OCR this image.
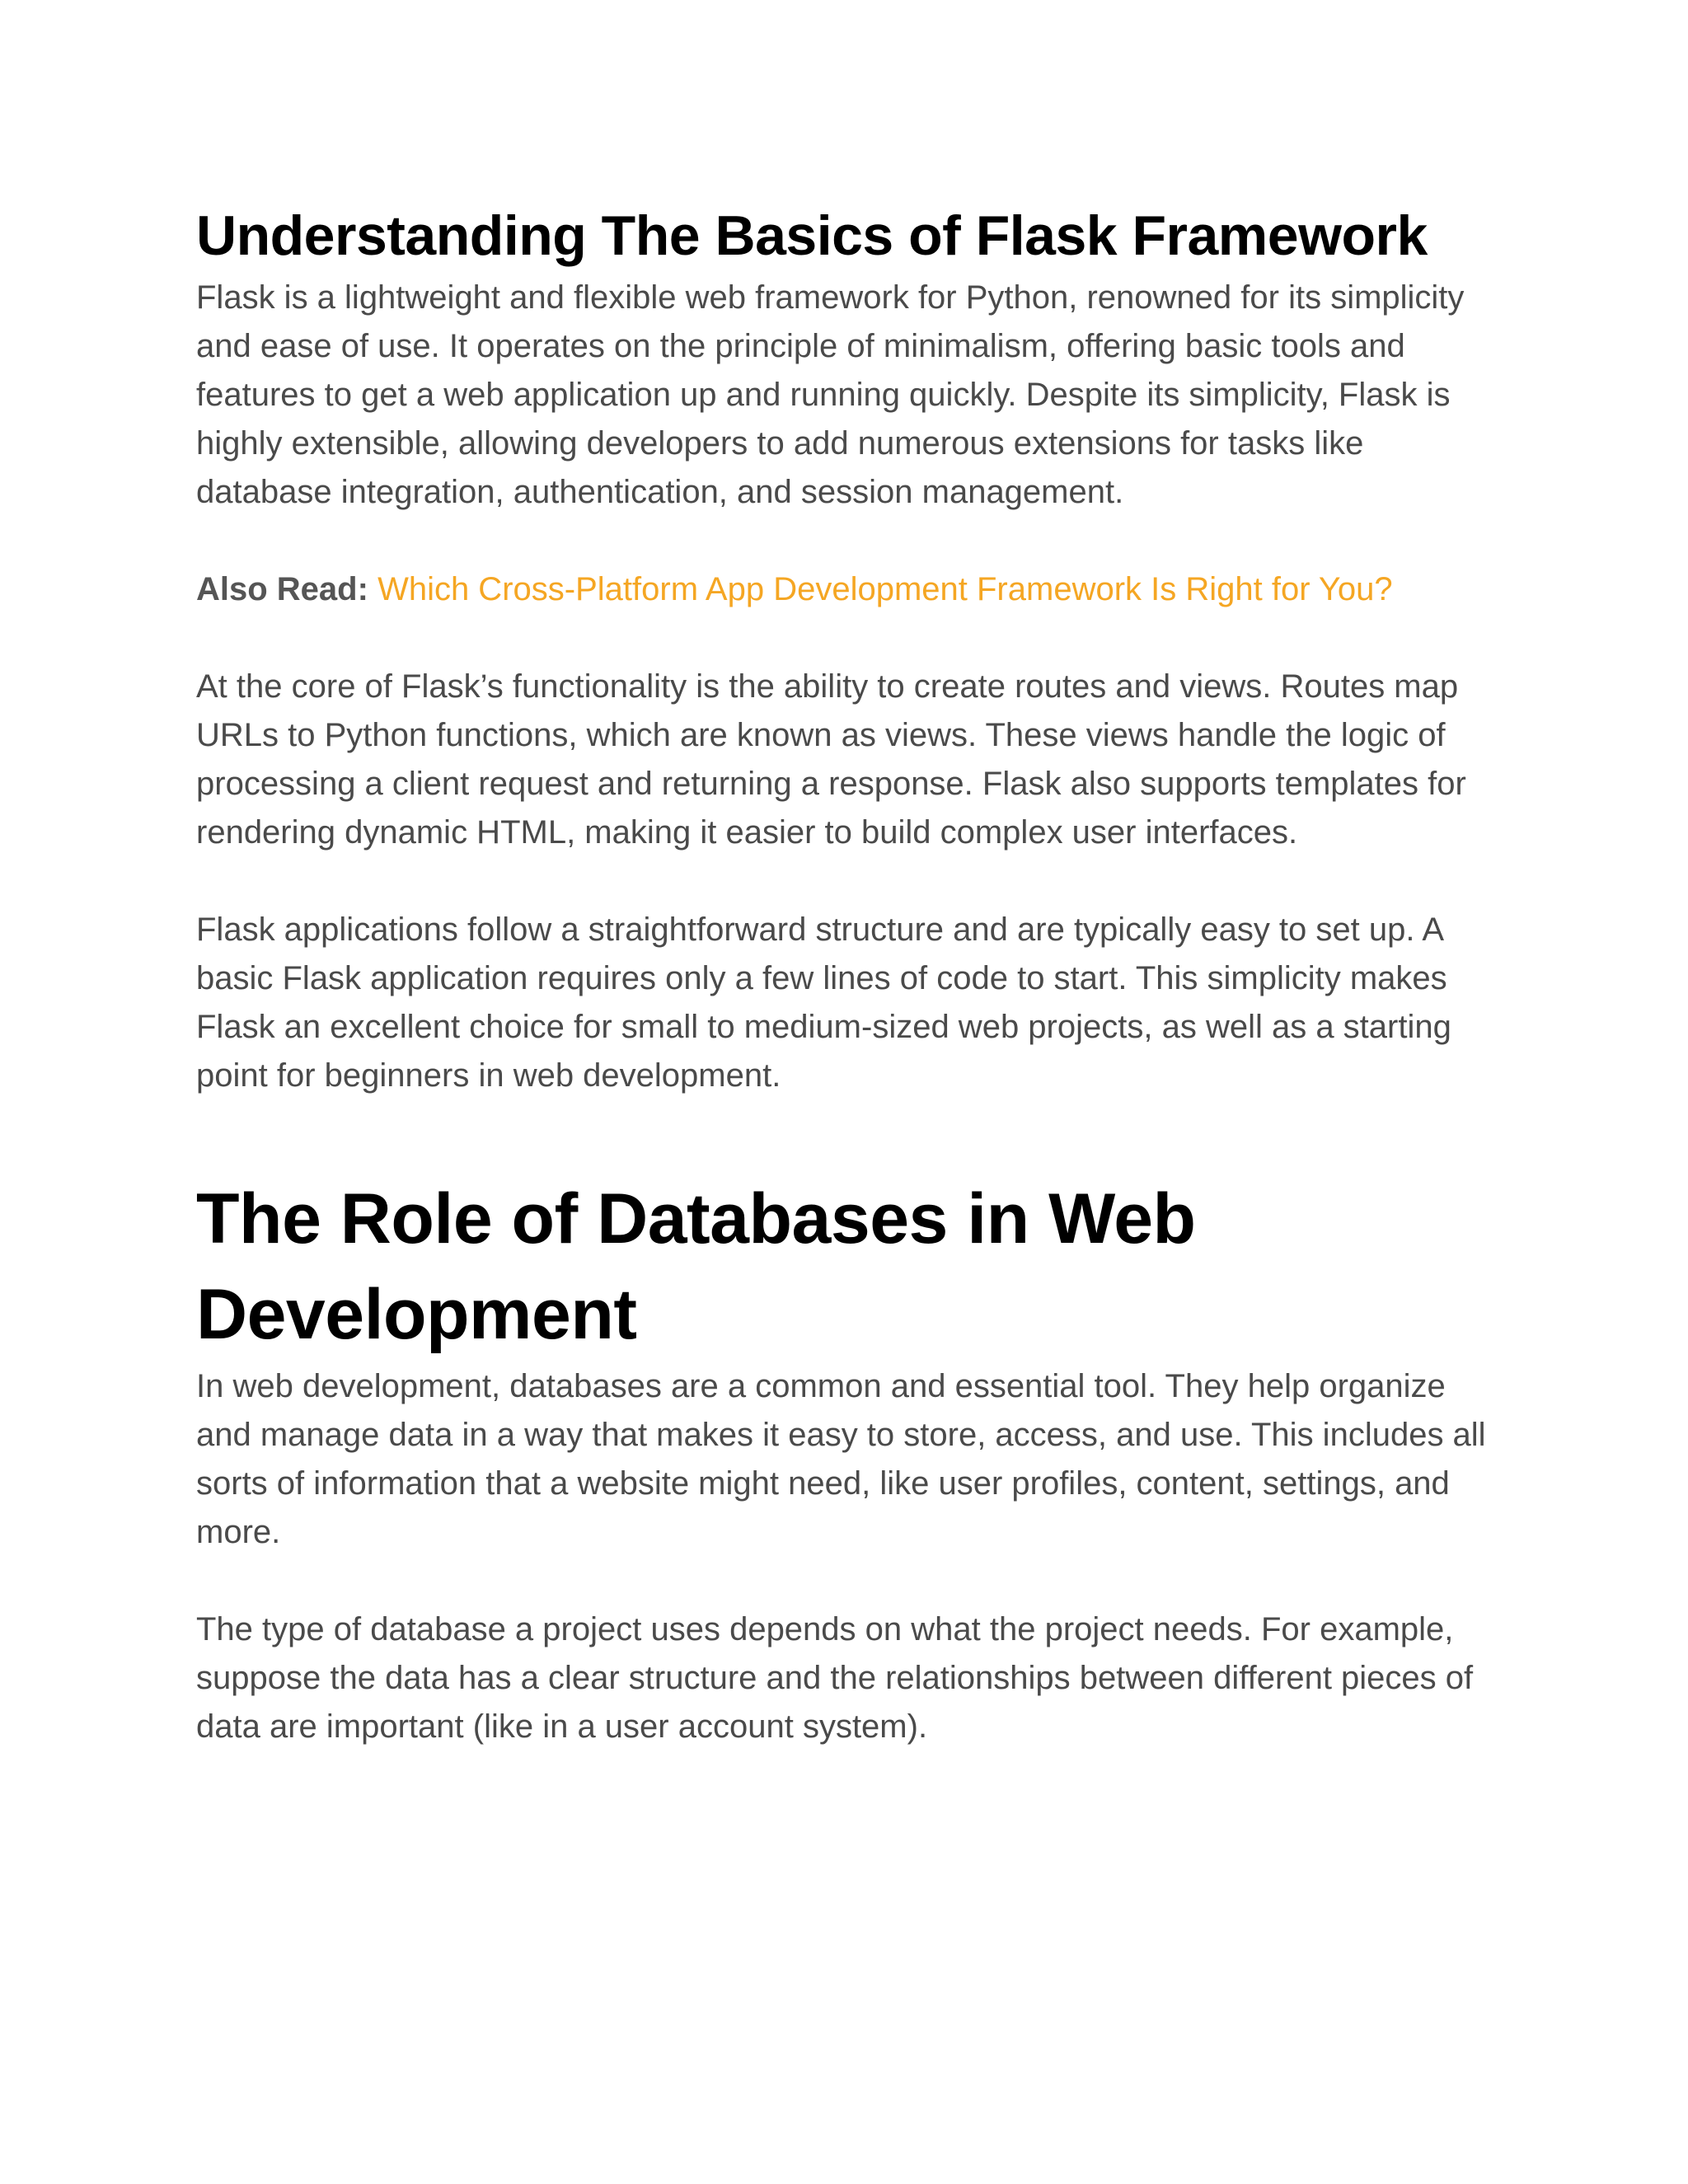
Understanding The Basics of Flask Framework

Flask is a lightweight and flexible web framework for Python, renowned for its simplicity and ease of use. It operates on the principle of minimalism, offering basic tools and features to get a web application up and running quickly. Despite its simplicity, Flask is highly extensible, allowing developers to add numerous extensions for tasks like database integration, authentication, and session management.

Also Read: Which Cross-Platform App Development Framework Is Right for You?

At the core of Flask’s functionality is the ability to create routes and views. Routes map URLs to Python functions, which are known as views. These views handle the logic of processing a client request and returning a response. Flask also supports templates for rendering dynamic HTML, making it easier to build complex user interfaces.

Flask applications follow a straightforward structure and are typically easy to set up. A basic Flask application requires only a few lines of code to start. This simplicity makes Flask an excellent choice for small to medium-sized web projects, as well as a starting point for beginners in web development.

The Role of Databases in Web Development

In web development, databases are a common and essential tool. They help organize and manage data in a way that makes it easy to store, access, and use. This includes all sorts of information that a website might need, like user profiles, content, settings, and more.

The type of database a project uses depends on what the project needs. For example, suppose the data has a clear structure and the relationships between different pieces of data are important (like in a user account system).
